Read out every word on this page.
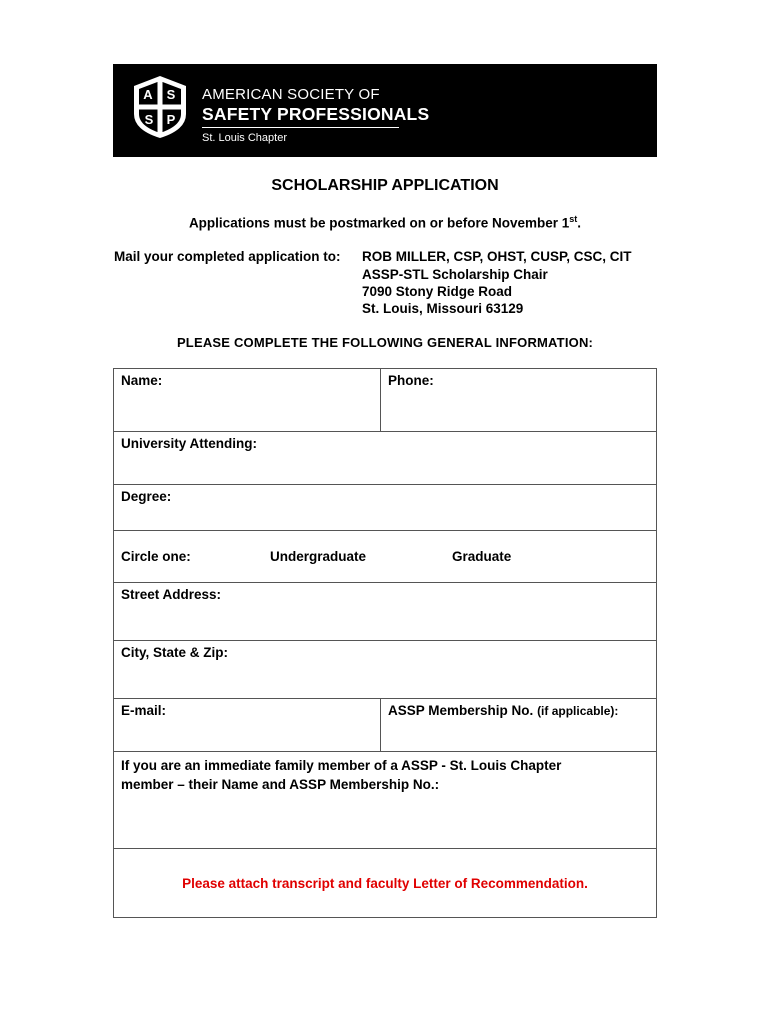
A S
S P
AMERICAN SOCIETY OF
SAFETY PROFESSIONALS
St. Louis Chapter
SCHOLARSHIP APPLICATION
Applications must be postmarked on or before November 1st.
Mail your completed application to: ROB MILLER, CSP, OHST, CUSP, CSC, CIT
ASSP-STL Scholarship Chair
7090 Stony Ridge Road
St. Louis, Missouri 63129
PLEASE COMPLETE THE FOLLOWING GENERAL INFORMATION:
Name:	Phone:
University Attending:
Degree:
Circle one:	Undergraduate	Graduate
Street Address:
City, State & Zip:
E-mail:	ASSP Membership No. (if applicable):
If you are an immediate family member of a ASSP - St. Louis Chapter
member – their Name and ASSP Membership No.:
Please attach transcript and faculty Letter of Recommendation.
